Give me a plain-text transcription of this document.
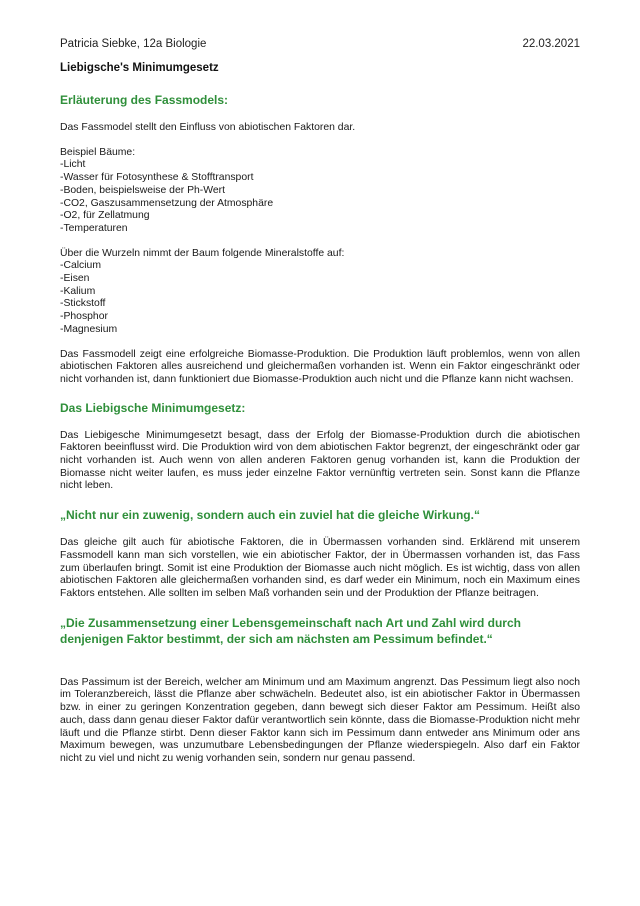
Patricia Siebke, 12a Biologie	22.03.2021
Liebigsche's Minimumgesetz
Erläuterung des Fassmodels:

Das Fassmodel stellt den Einfluss von abiotischen Faktoren dar.

Beispiel Bäume:
-Licht
-Wasser für Fotosynthese & Stofftransport
-Boden, beispielsweise der Ph-Wert
-CO2, Gaszusammensetzung der Atmosphäre
-O2, für Zellatmung
-Temperaturen
Über die Wurzeln nimmt der Baum folgende Mineralstoffe auf:
-Calcium
-Eisen
-Kalium
-Stickstoff
-Phosphor
-Magnesium

Das Fassmodell zeigt eine erfolgreiche Biomasse-Produktion. Die Produktion läuft problemlos, wenn von allen abiotischen Faktoren alles ausreichend und gleichermaßen vorhanden ist. Wenn ein Faktor eingeschränkt oder nicht vorhanden ist, dann funktioniert due Biomasse-Produktion auch nicht und die Pflanze kann nicht wachsen.

Das Liebigsche Minimumgesetz:

Das Liebigesche Minimumgesetzt besagt, dass der Erfolg der Biomasse-Produktion durch die abiotischen Faktoren beeinflusst wird. Die Produktion wird von dem abiotischen Faktor begrenzt, der eingeschränkt oder gar nicht vorhanden ist. Auch wenn von allen anderen Faktoren genug vorhanden ist, kann die Produktion der Biomasse nicht weiter laufen, es muss jeder einzelne Faktor vernünftig vertreten sein. Sonst kann die Pflanze nicht leben.

„Nicht nur ein zuwenig, sondern auch ein zuviel hat die gleiche Wirkung.“

Das gleiche gilt auch für abiotische Faktoren, die in Übermassen vorhanden sind. Erklärend mit unserem Fassmodell kann man sich vorstellen, wie ein abiotischer Faktor, der in Übermassen vorhanden ist, das Fass zum überlaufen bringt. Somit ist eine Produktion der Biomasse auch nicht möglich. Es ist wichtig, dass von allen abiotischen Faktoren alle gleichermaßen vorhanden sind, es darf weder ein Minimum, noch ein Maximum eines Faktors entstehen. Alle sollten im selben Maß vorhanden sein und der Produktion der Pflanze beitragen.

„Die Zusammensetzung einer Lebensgemeinschaft nach Art und Zahl wird durch denjenigen Faktor bestimmt, der sich am nächsten am Pessimum befindet.“

Das Passimum ist der Bereich, welcher am Minimum und am Maximum angrenzt. Das Pessimum liegt also noch im Toleranzbereich, lässt die Pflanze aber schwächeln. Bedeutet also, ist ein abiotischer Faktor in Übermassen bzw. in einer zu geringen Konzentration gegeben, dann bewegt sich dieser Faktor am Pessimum. Heißt also auch, dass dann genau dieser Faktor dafür verantwortlich sein könnte, dass die Biomasse-Produktion nicht mehr läuft und die Pflanze stirbt. Denn dieser Faktor kann sich im Pessimum dann entweder ans Minimum oder ans Maximum bewegen, was unzumutbare Lebensbedingungen der Pflanze wiederspiegeln. Also darf ein Faktor nicht zu viel und nicht zu wenig vorhanden sein, sondern nur genau passend.
